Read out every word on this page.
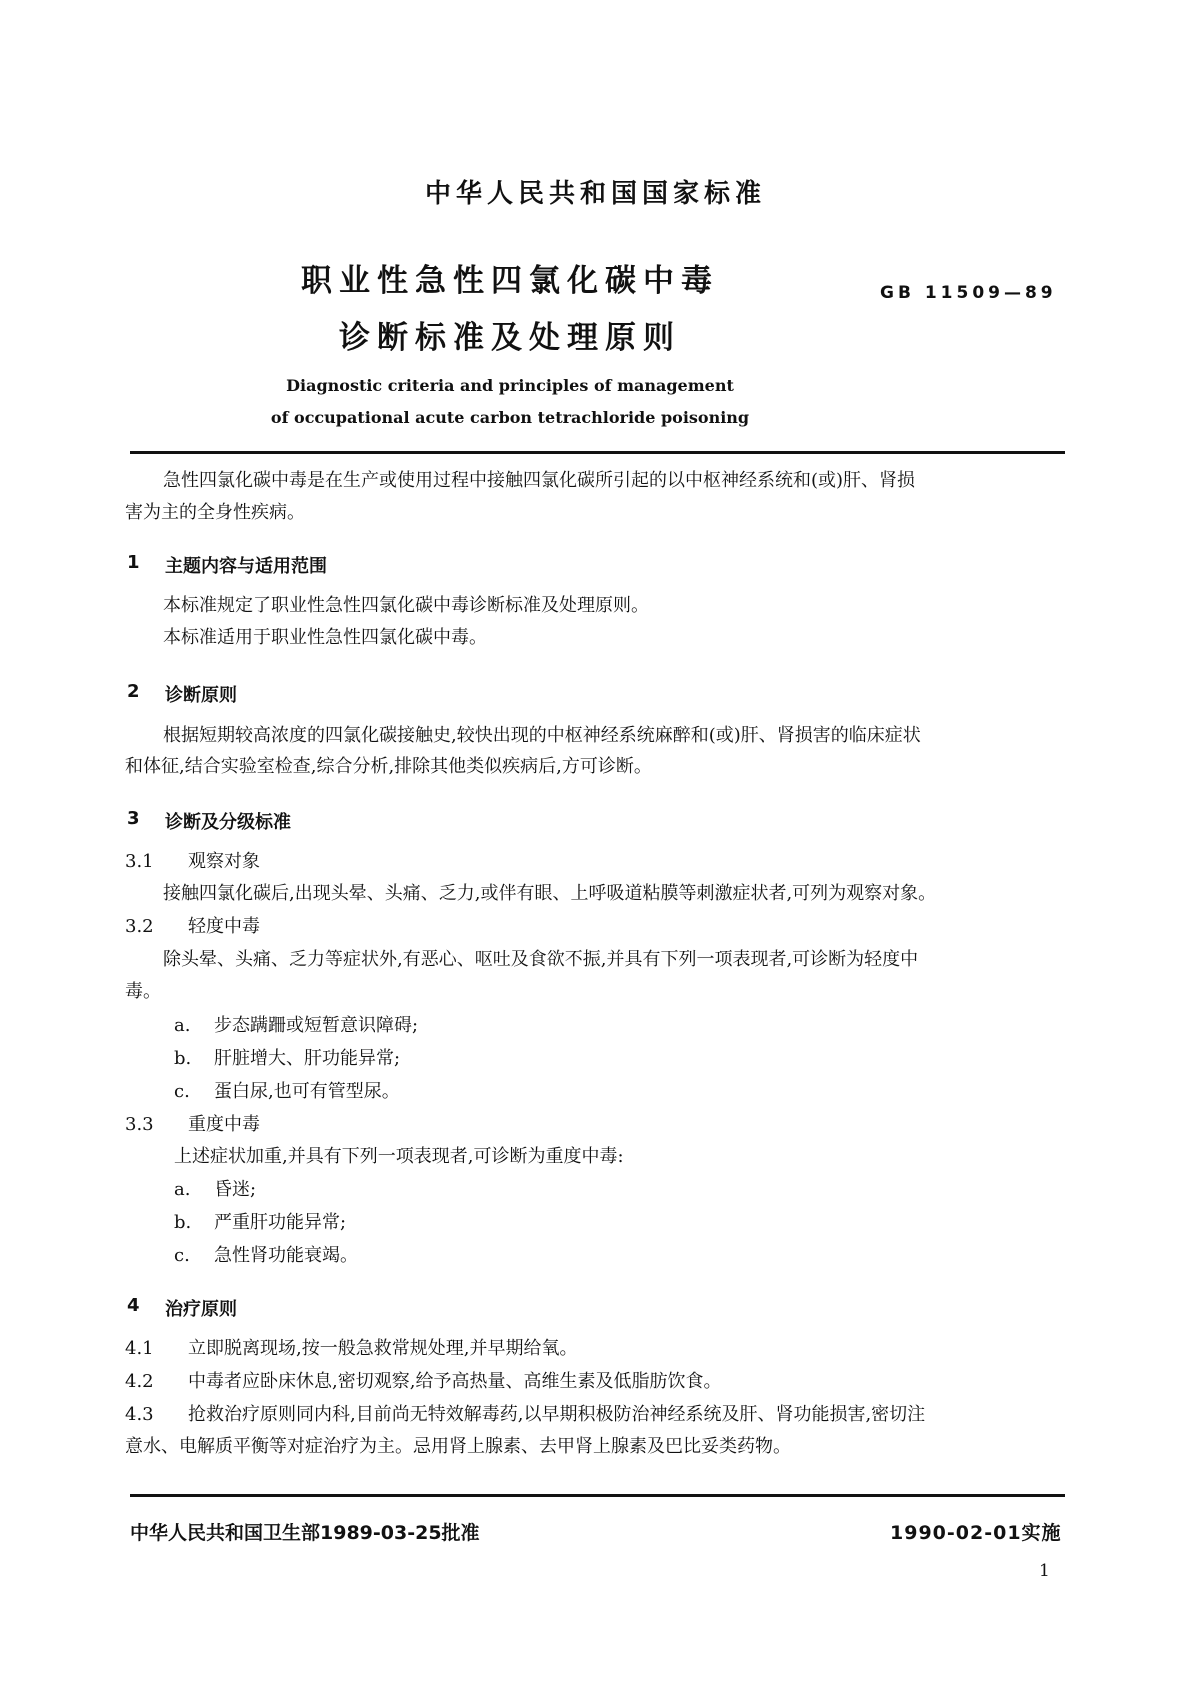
中华人民共和国国家标准
职业性急性四氯化碳中毒
诊断标准及处理原则
GB 11509—89
Diagnostic criteria and principles of management
of occupational acute carbon tetrachloride poisoning
急性四氯化碳中毒是在生产或使用过程中接触四氯化碳所引起的以中枢神经系统和(或)肝、肾损
害为主的全身性疾病。
1 主题内容与适用范围
本标准规定了职业性急性四氯化碳中毒诊断标准及处理原则。
本标准适用于职业性急性四氯化碳中毒。
2 诊断原则
根据短期较高浓度的四氯化碳接触史,较快出现的中枢神经系统麻醉和(或)肝、肾损害的临床症状
和体征,结合实验室检查,综合分析,排除其他类似疾病后,方可诊断。
3 诊断及分级标准
3.1 观察对象
接触四氯化碳后,出现头晕、头痛、乏力,或伴有眼、上呼吸道粘膜等刺激症状者,可列为观察对象。
3.2 轻度中毒
除头晕、头痛、乏力等症状外,有恶心、呕吐及食欲不振,并具有下列一项表现者,可诊断为轻度中
毒。
a. 步态蹒跚或短暂意识障碍;
b. 肝脏增大、肝功能异常;
c. 蛋白尿,也可有管型尿。
3.3 重度中毒
上述症状加重,并具有下列一项表现者,可诊断为重度中毒:
a. 昏迷;
b. 严重肝功能异常;
c. 急性肾功能衰竭。
4 治疗原则
4.1 立即脱离现场,按一般急救常规处理,并早期给氧。
4.2 中毒者应卧床休息,密切观察,给予高热量、高维生素及低脂肪饮食。
4.3 抢救治疗原则同内科,目前尚无特效解毒药,以早期积极防治神经系统及肝、肾功能损害,密切注
意水、电解质平衡等对症治疗为主。忌用肾上腺素、去甲肾上腺素及巴比妥类药物。
中华人民共和国卫生部1989-03-25批准	1990-02-01实施
1
